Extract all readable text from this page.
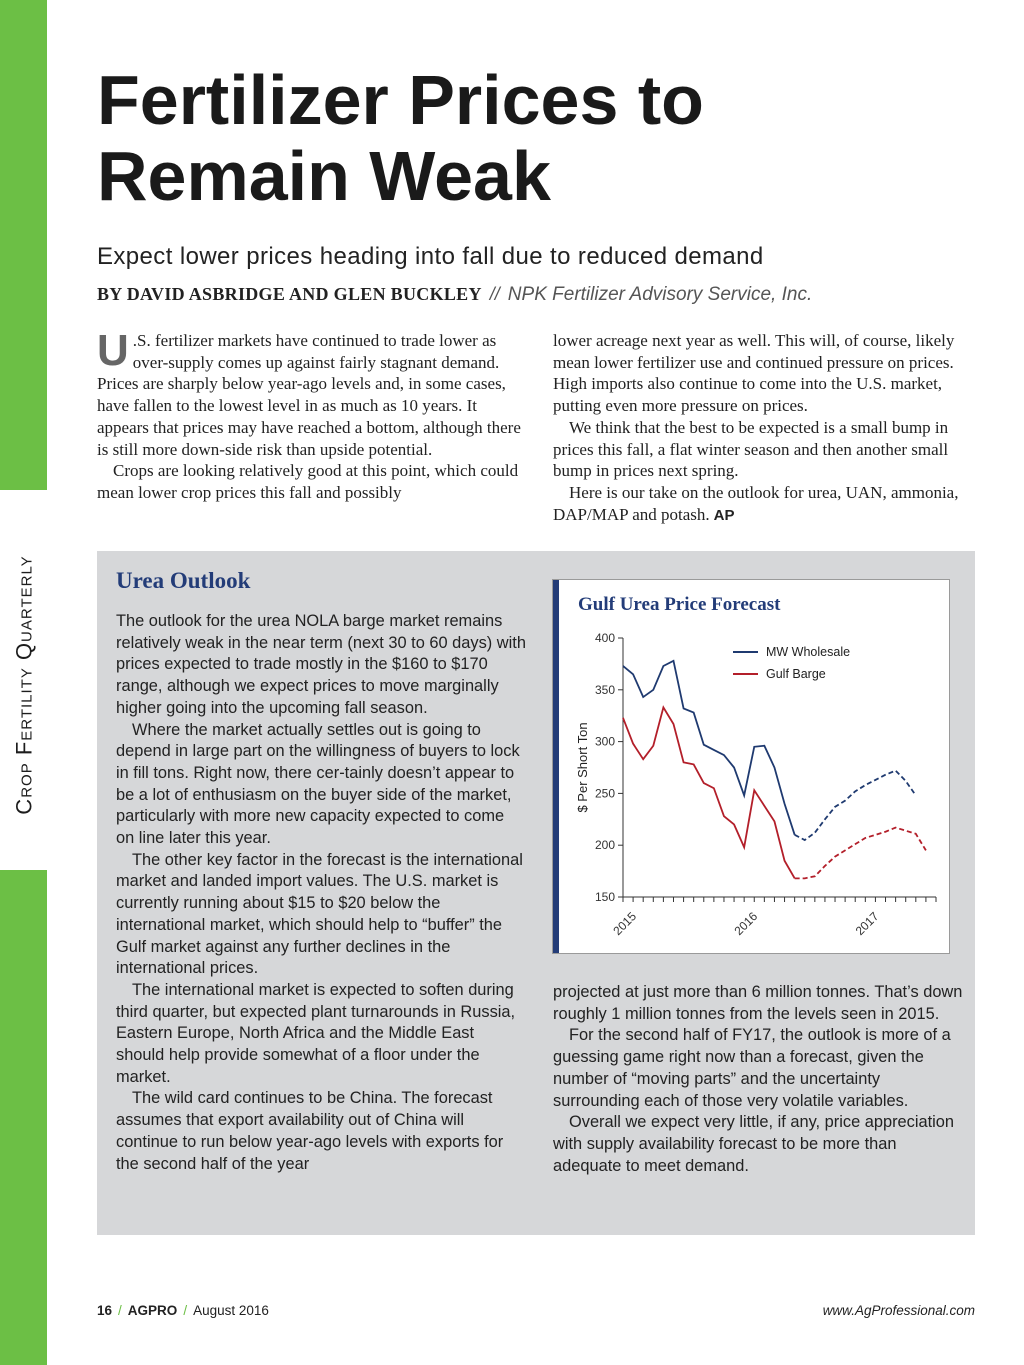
Crop Fertility Quarterly
Fertilizer Prices to
Remain Weak
Expect lower prices heading into fall due to reduced demand
BY DAVID ASBRIDGE AND GLEN BUCKLEY // NPK Fertilizer Advisory Service, Inc.

U .S. fertilizer markets have continued to trade lower as over-supply comes up against fairly stagnant demand. Prices are sharply below year-ago levels and, in some cases, have fallen to the lowest level in as much as 10 years. It appears that prices may have reached a bottom, although there is still more down-side risk than upside potential.

Crops are looking relatively good at this point, which could mean lower crop prices this fall and possibly

lower acreage next year as well. This will, of course, likely mean lower fertilizer use and continued pressure on prices. High imports also continue to come into the U.S. market, putting even more pressure on prices.

We think that the best to be expected is a small bump in prices this fall, a flat winter season and then another small bump in prices next spring.

Here is our take on the outlook for urea, UAN, ammonia, DAP/MAP and potash. AP

Urea Outlook

The outlook for the urea NOLA barge market remains relatively weak in the near term (next 30 to 60 days) with prices expected to trade mostly in the $160 to $170 range, although we expect prices to move marginally higher going into the upcoming fall season.

Where the market actually settles out is going to depend in large part on the willingness of buyers to lock in fill tons. Right now, there cer-tainly doesn’t appear to be a lot of enthusiasm on the buyer side of the market, particularly with more new capacity expected to come on line later this year.

The other key factor in the forecast is the international market and landed import values. The U.S. market is currently running about $15 to $20 below the international market, which should help to “buffer” the Gulf market against any further declines in the international prices.

The international market is expected to soften during third quarter, but expected plant turnarounds in Russia, Eastern Europe, North Africa and the Middle East should help provide somewhat of a floor under the market.

The wild card continues to be China. The forecast assumes that export availability out of China will continue to run below year-ago levels with exports for the second half of the year

projected at just more than 6 million tonnes. That’s down roughly 1 million tonnes from the levels seen in 2015.

For the second half of FY17, the outlook is more of a guessing game right now than a forecast, given the number of “moving parts” and the uncertainty surrounding each of those very volatile variables.

Overall we expect very little, if any, price appreciation with supply availability forecast to be more than adequate to meet demand.

Gulf Urea Price Forecast
150
200
250
300
350
400
$ Per Short Ton
2015	2016	2017
MW Wholesale
Gulf Barge
16 / AGPRO / August 2016	www.AgProfessional.com
